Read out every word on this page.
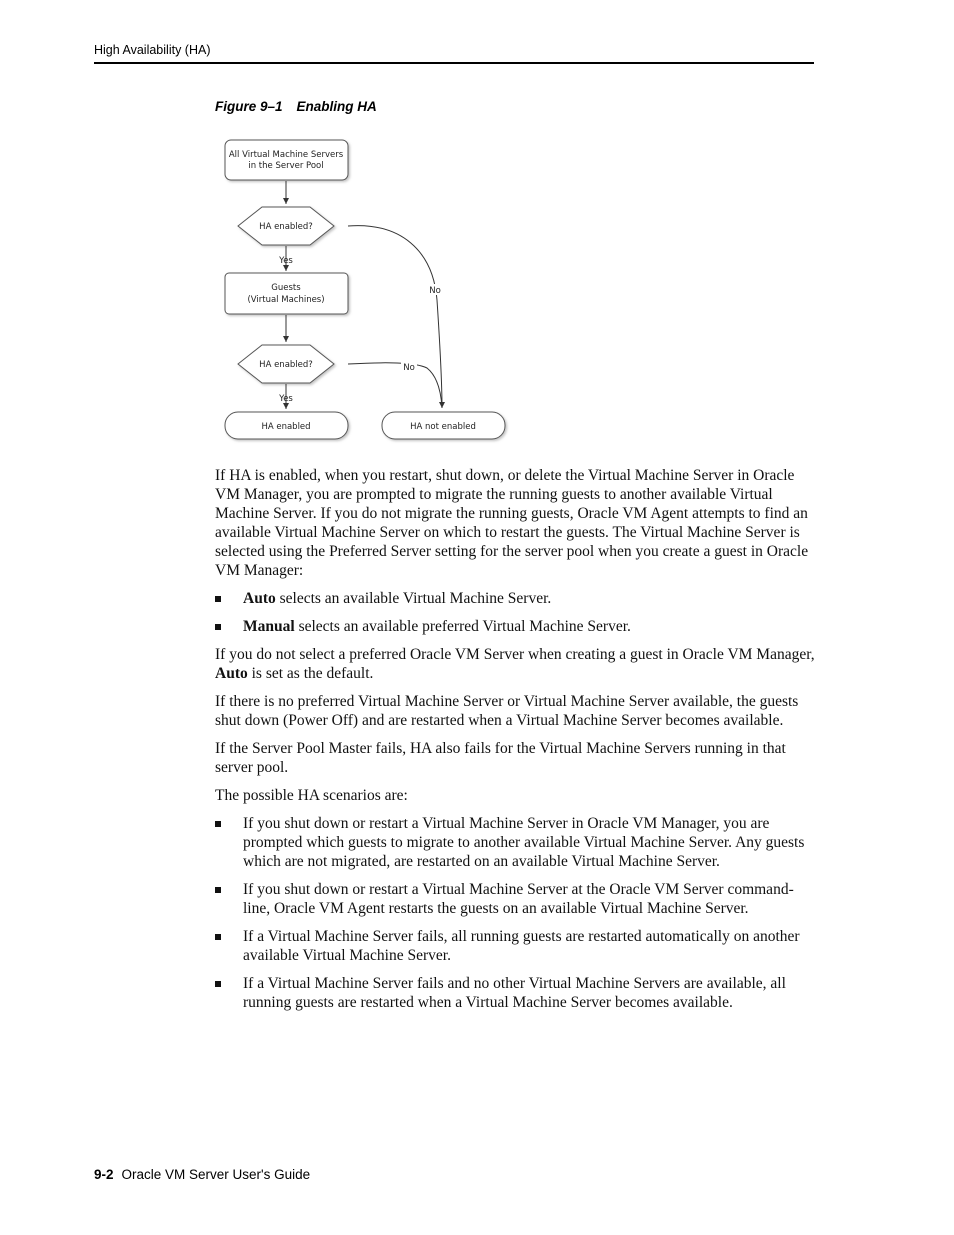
High Availability (HA)
Figure 9–1 Enabling HA
All Virtual Machine Servers
in the Server Pool
HA enabled?
Yes
Guests
(Virtual Machines)
HA enabled?
Yes
HA enabled	HA not enabled
No
No

If HA is enabled, when you restart, shut down, or delete the Virtual Machine Server in Oracle VM Manager, you are prompted to migrate the running guests to another available Virtual Machine Server. If you do not migrate the running guests, Oracle VM Agent attempts to find an available Virtual Machine Server on which to restart the guests. The Virtual Machine Server is selected using the Preferred Server setting for the server pool when you create a guest in Oracle VM Manager:

Auto selects an available Virtual Machine Server.
Manual selects an available preferred Virtual Machine Server.

If you do not select a preferred Oracle VM Server when creating a guest in Oracle VM Manager, Auto is set as the default.

If there is no preferred Virtual Machine Server or Virtual Machine Server available, the guests shut down (Power Off) and are restarted when a Virtual Machine Server becomes available.

If the Server Pool Master fails, HA also fails for the Virtual Machine Servers running in that server pool.

The possible HA scenarios are:

If you shut down or restart a Virtual Machine Server in Oracle VM Manager, you are prompted which guests to migrate to another available Virtual Machine Server. Any guests which are not migrated, are restarted on an available Virtual Machine Server.
If you shut down or restart a Virtual Machine Server at the Oracle VM Server command-line, Oracle VM Agent restarts the guests on an available Virtual Machine Server.
If a Virtual Machine Server fails, all running guests are restarted automatically on another available Virtual Machine Server.
If a Virtual Machine Server fails and no other Virtual Machine Servers are available, all running guests are restarted when a Virtual Machine Server becomes available.
9-2 Oracle VM Server User's Guide
